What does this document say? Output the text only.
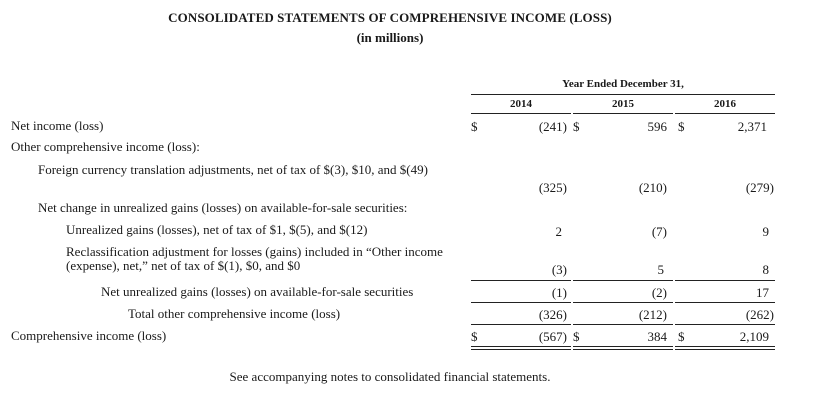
CONSOLIDATED STATEMENTS OF COMPREHENSIVE INCOME (LOSS)
(in millions)
Year Ended December 31,
2014	2015	2016
Net income (loss)	$	(241) $	596 $	2,371
Other comprehensive income (loss):
Foreign currency translation adjustments, net of tax of $(3), $10, and $(49)
(325)	(210)	(279)
Net change in unrealized gains (losses) on available-for-sale securities:
Unrealized gains (losses), net of tax of $1, $(5), and $(12)	2	(7)	9
Reclassification adjustment for losses (gains) included in “Other income (expense), net,” net of tax of $(1), $0, and $0	(3)	5	8
Net unrealized gains (losses) on available-for-sale securities	(1)	(2)	17
Total other comprehensive income (loss)	(326)	(212)	(262)
Comprehensive income (loss)	$	(567) $	384 $	2,109
See accompanying notes to consolidated financial statements.
